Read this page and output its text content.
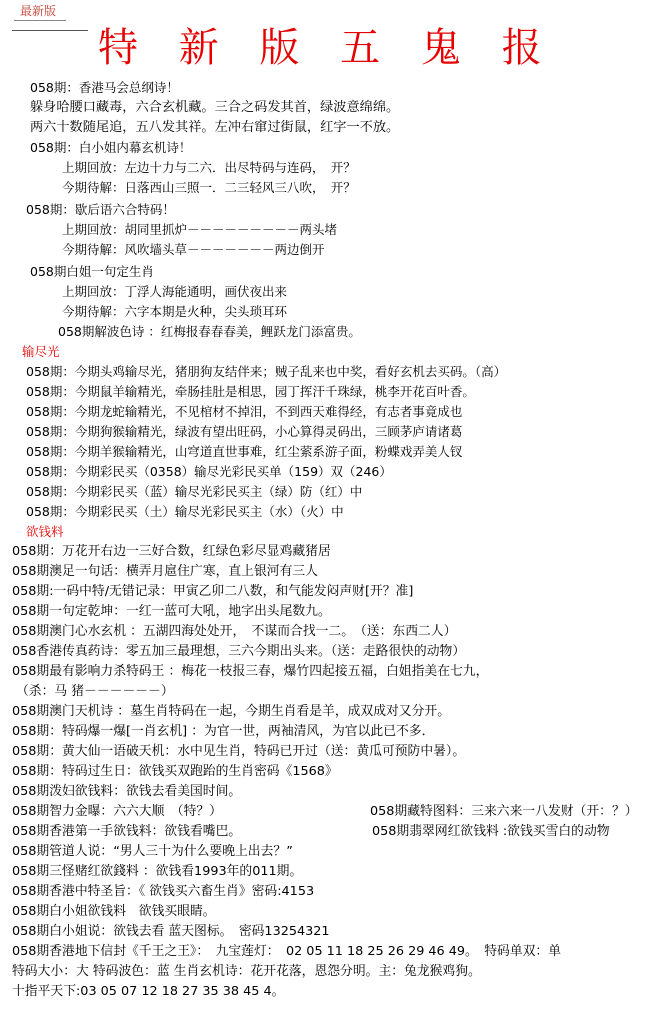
最新版
特 新 版 五 鬼 报
058期：香港马会总纲诗！
躲身哈腰口藏毒，六合玄机藏。三合之码发其首，绿波意绵绵。
两六十数随尾追，五八发其祥。左冲右窜过街鼠，红字一不放。
058期：白小姐内幕玄机诗！
上期回放：左边十力与二六．出尽特码与连码，　开？
今期待解：日落西山三照一．二三轻风三八吹，　开？
058期：歇后语六合特码！
上期回放：胡同里抓炉－－－－－－－－－两头堵
今期待解：风吹墙头草－－－－－－－两边倒开
058期白姐一句定生肖
上期回放：丁浮人海能通明，画伏夜出来
今期待解：六字本期是火种，尖头琐耳环
058期解波色诗 ：红梅报春春春美，鲤跃龙门添富贵。
输尽光
058期：今期头鸡输尽光，猪朋狗友结伴来；贼子乱来也中奖，看好玄机去买码。（高）
058期：今期鼠羊输精光，牵肠挂肚是相思，园丁挥汗千珠绿，桃李开花百叶香。
058期：今期龙蛇输精光，不见棺材不掉泪，不到西天难得经，有志者事竟成也
058期：今期狗猴输精光，绿波有望出旺码，小心算得灵码出，三顾茅庐请诸葛
058期：今期羊猴输精光，山穹道直世事难，红尘萦系游子面，粉蝶戏弄美人钗
058期：今期彩民买（0358）输尽光彩民买单（159）双（246）
058期：今期彩民买（蓝）输尽光彩民买主（绿）防（红）中
058期：今期彩民买（土）输尽光彩民买主（水）（火）中
欲钱料
058期：万花开右边一三好合数，红绿色彩尽显鸡藏猪居
058期澳足一句话：横弄月扈住广寒，直上银河有三人
058期:一码中特/无错记录：甲寅乙卯二八数，和气能发闷声财[开？准]
058期一句定乾坤：一红一蓝可大吼，地字出头尾数九。
058期澳门心水玄机 ：五湖四海处处开，　不谋而合找一二。　（送：东西二人）
058香港传真药诗：零五加三最理想，三六今期出头来。（送：走路很快的动物）
058期最有影响力杀特码王 ：梅花一枝报三春，爆竹四起接五福，白姐指美在七九，
（杀：马 猪－－－－－－）
058期澳门天机诗 ：墓生肖特码在一起，今期生肖看是羊，成双成对又分开。
058期：特码爆一爆[一肖玄机] ：为官一世，两袖清风，为官以此已不多．
058期：黄大仙一语破天机：水中见生肖，特码已开过（送：黄瓜可预防中暑）。
058期：特码过生日：欲钱买双跑跆的生肖密码《1568》
058期泼妇欲钱料：欲钱去看美国时间。
058期智力金曝：六六大顺　（特？）	058期藏特图料：三来六来一八发财（开：？）
058期香港第一手欲钱料：欲钱看嘴巴。	058期翡翠网红欲钱料 :欲钱买雪白的动物
058期管道人说：“男人三十为什么要晚上出去？”
058期三怪赌红欲錢料 ：欲钱看1993年的011期。
058期香港中特圣旨：《 欲钱买六畜生肖》密码:4153
058期白小姐欲钱料　欲钱买眼睛。
058期白小姐说：欲钱去看 蓝天图标。　密码13254321
058期香港地下信封《千王之王》：　九宝莲灯：　02 05 11 18 25 26 29 46 49。　特码单双：单
特码大小：大 特码波色：蓝 生肖玄机诗：花开花落，恩怨分明。主：兔龙猴鸡狗。
十指平天下:03 05 07 12 18 27 35 38 45 4。
